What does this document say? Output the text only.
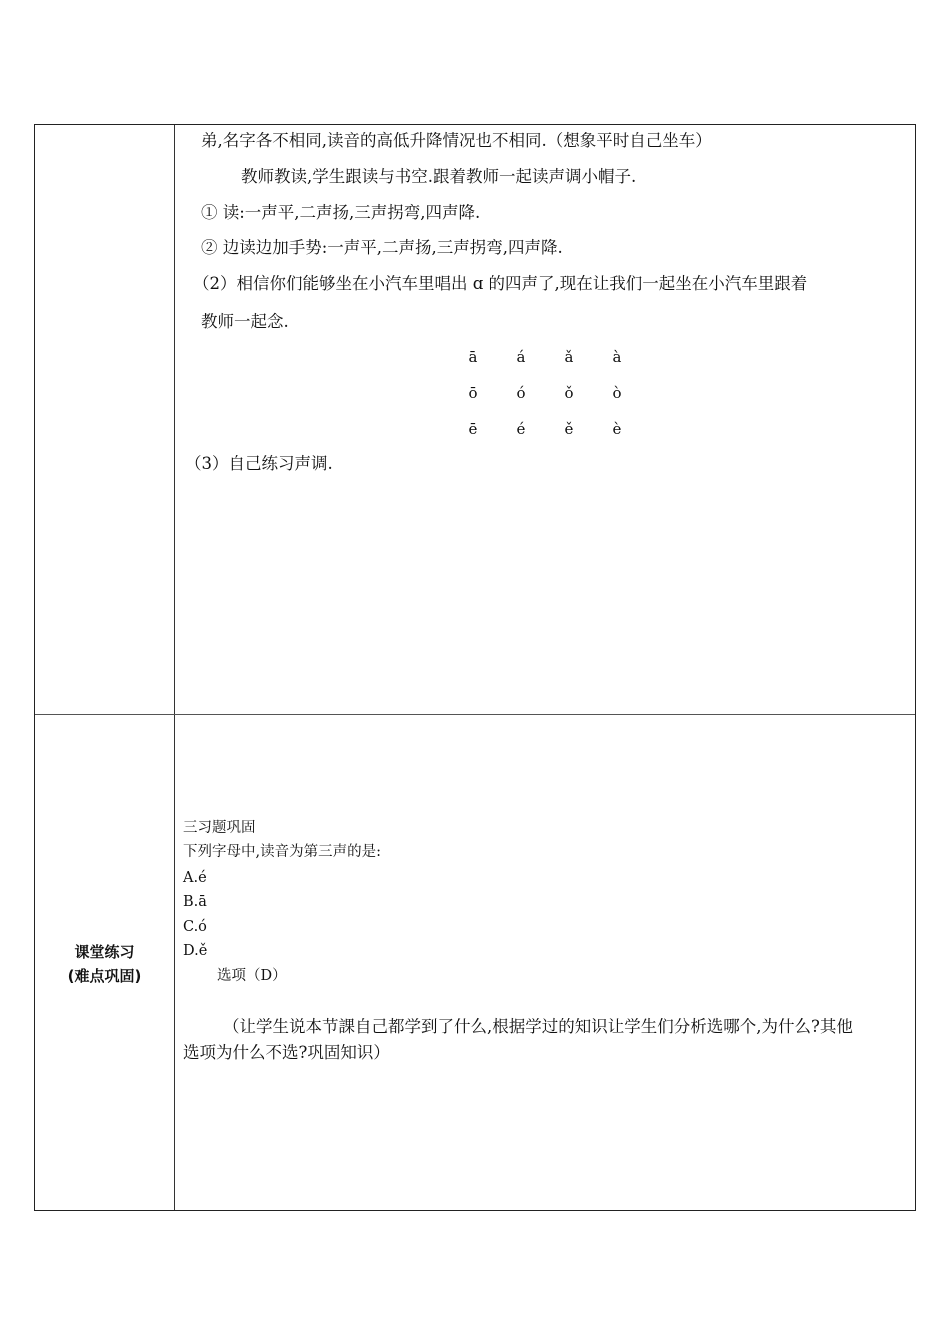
弟,名字各不相同,读音的高低升降情况也不相同.（想象平时自己坐车）
教师教读,学生跟读与书空.跟着教师一起读声调小帽子.
① 读:一声平,二声扬,三声拐弯,四声降.
② 边读边加手势:一声平,二声扬,三声拐弯,四声降.
（2）相信你们能够坐在小汽车里唱出 ɑ 的四声了,现在让我们一起坐在小汽车里跟着
教师一起念.
ā	á	ǎ	à
ō	ó	ǒ	ò
ē	é	ě	è
（3）自己练习声调.
课堂练习
(难点巩固)
三习题巩固
下列字母中,读音为第三声的是:
A.é
B.ā
C.ó
D.ě
选项（D）
（让学生说本节課自己都学到了什么,根据学过的知识让学生们分析选哪个,为什么?其他
选项为什么不选?巩固知识）
